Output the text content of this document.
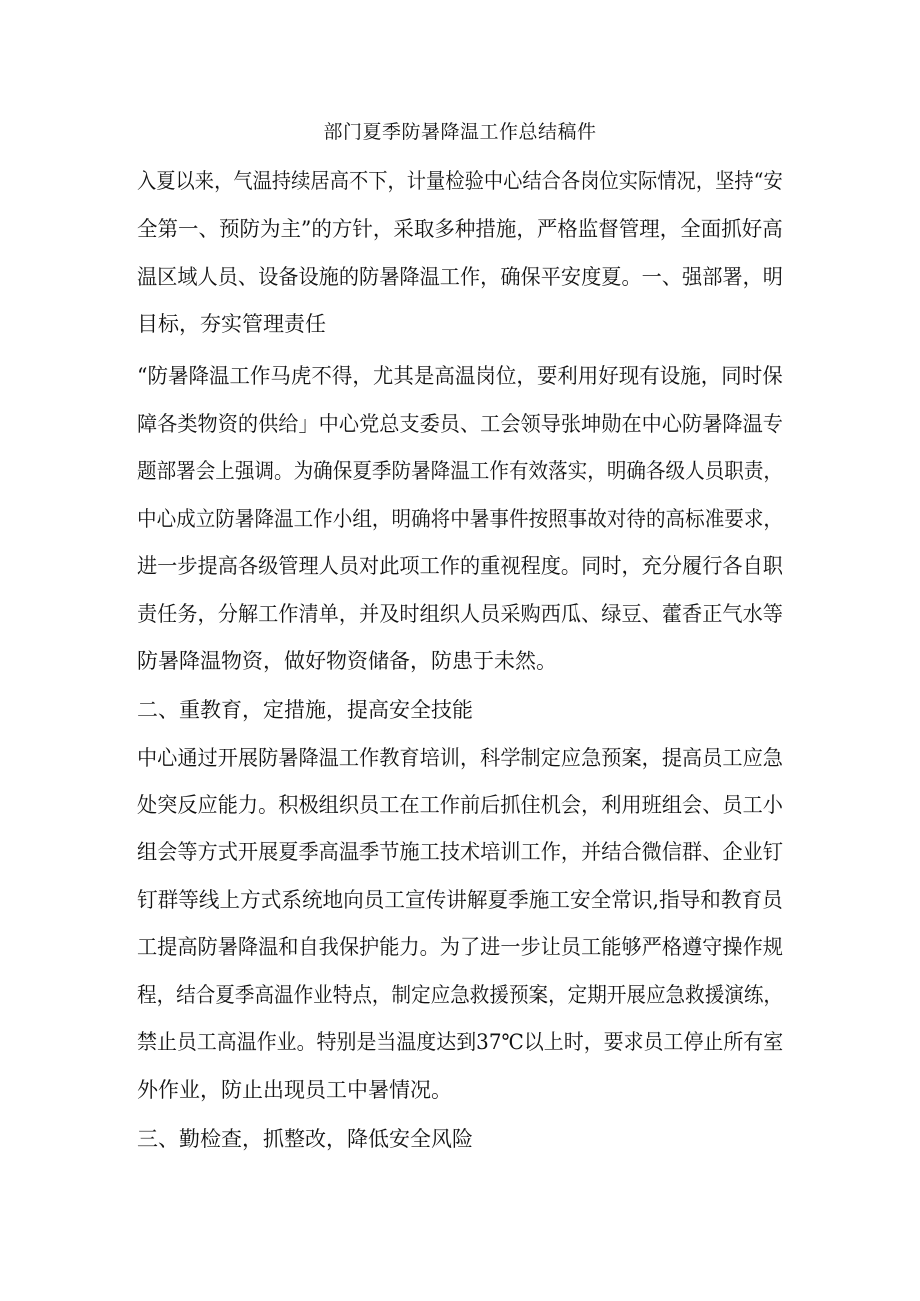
部门夏季防暑降温工作总结稿件
入夏以来，气温持续居高不下，计量检验中心结合各岗位实际情况，坚持“安
全第一、预防为主”的方针，采取多种措施，严格监督管理，全面抓好高
温区域人员、设备设施的防暑降温工作，确保平安度夏。一、强部署，明
目标，夯实管理责任
“防暑降温工作马虎不得，尤其是高温岗位，要利用好现有设施，同时保
障各类物资的供给」中心党总支委员、工会领导张坤勋在中心防暑降温专
题部署会上强调。为确保夏季防暑降温工作有效落实，明确各级人员职责，
中心成立防暑降温工作小组，明确将中暑事件按照事故对待的高标准要求，
进一步提高各级管理人员对此项工作的重视程度。同时，充分履行各自职
责任务，分解工作清单，并及时组织人员采购西瓜、绿豆、藿香正气水等
防暑降温物资，做好物资储备，防患于未然。
二、重教育，定措施，提高安全技能
中心通过开展防暑降温工作教育培训，科学制定应急预案，提高员工应急
处突反应能力。积极组织员工在工作前后抓住机会，利用班组会、员工小
组会等方式开展夏季高温季节施工技术培训工作，并结合微信群、企业钉
钉群等线上方式系统地向员工宣传讲解夏季施工安全常识,指导和教育员
工提高防暑降温和自我保护能力。为了进一步让员工能够严格遵守操作规
程，结合夏季高温作业特点，制定应急救援预案，定期开展应急救援演练，
禁止员工高温作业。特别是当温度达到37℃以上时，要求员工停止所有室
外作业，防止出现员工中暑情况。
三、勤检查，抓整改，降低安全风险
